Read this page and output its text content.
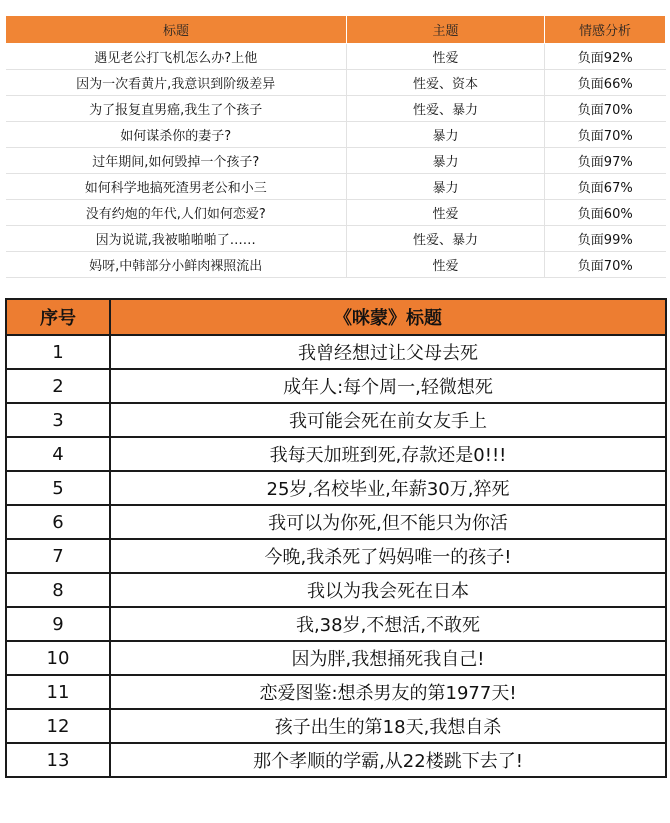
标题	主题	情感分析
遇见老公打飞机怎么办?上他	性爱	负面92%
因为一次看黄片,我意识到阶级差异	性爱、资本	负面66%
为了报复直男癌,我生了个孩子	性爱、暴力	负面70%
如何谋杀你的妻子?	暴力	负面70%
过年期间,如何毁掉一个孩子?	暴力	负面97%
如何科学地搞死渣男老公和小三	暴力	负面67%
没有约炮的年代,人们如何恋爱?	性爱	负面60%
因为说谎,我被啪啪啪了……	性爱、暴力	负面99%
妈呀,中韩部分小鲜肉裸照流出	性爱	负面70%
序号	《咪蒙》标题
1	我曾经想过让父母去死
2	成年人:每个周一,轻微想死
3	我可能会死在前女友手上
4	我每天加班到死,存款还是0!!!
5	25岁,名校毕业,年薪30万,猝死
6	我可以为你死,但不能只为你活
7	今晚,我杀死了妈妈唯一的孩子!
8	我以为我会死在日本
9	我,38岁,不想活,不敢死
10	因为胖,我想捅死我自己!
11	恋爱图鉴:想杀男友的第1977天!
12	孩子出生的第18天,我想自杀
13	那个孝顺的学霸,从22楼跳下去了!
